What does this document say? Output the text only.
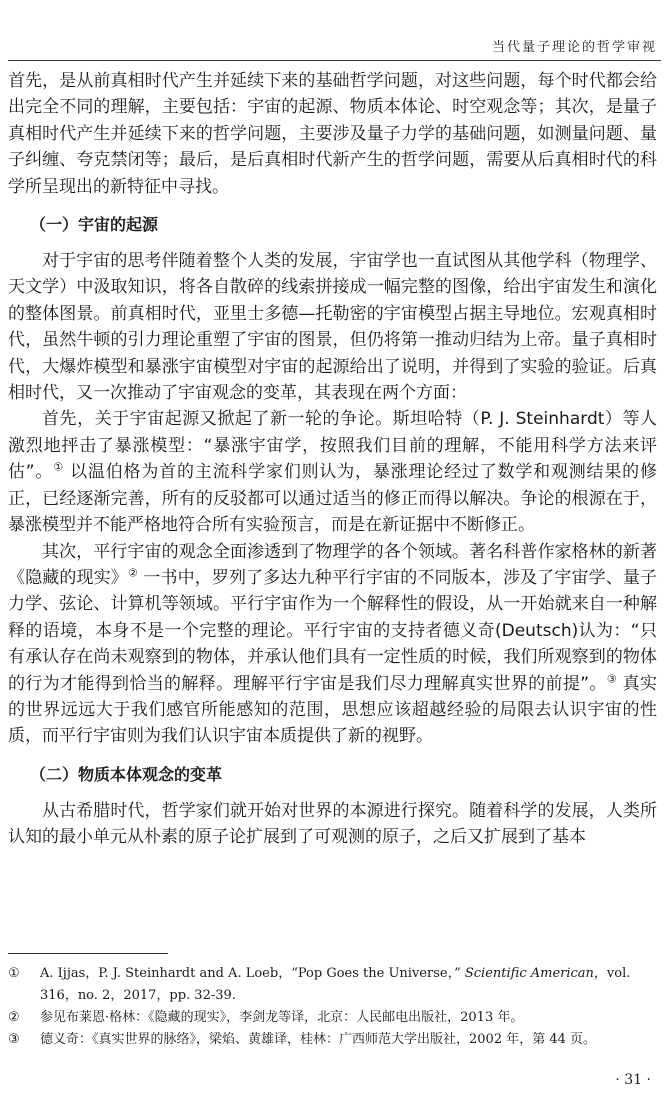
当代量子理论的哲学审视

首先，是从前真相时代产生并延续下来的基础哲学问题，对这些问题，每个时代都会给出完全不同的理解，主要包括：宇宙的起源、物质本体论、时空观念等；其次，是量子真相时代产生并延续下来的哲学问题，主要涉及量子力学的基础问题，如测量问题、量子纠缠、夸克禁闭等；最后，是后真相时代新产生的哲学问题，需要从后真相时代的科学所呈现出的新特征中寻找。

（一）宇宙的起源

对于宇宙的思考伴随着整个人类的发展，宇宙学也一直试图从其他学科（物理学、天文学）中汲取知识，将各自散碎的线索拼接成一幅完整的图像，给出宇宙发生和演化的整体图景。前真相时代，亚里士多德—托勒密的宇宙模型占据主导地位。宏观真相时代，虽然牛顿的引力理论重塑了宇宙的图景，但仍将第一推动归结为上帝。量子真相时代，大爆炸模型和暴涨宇宙模型对宇宙的起源给出了说明，并得到了实验的验证。后真相时代，又一次推动了宇宙观念的变革，其表现在两个方面：

首先，关于宇宙起源又掀起了新一轮的争论。斯坦哈特（P. J. Steinhardt）等人激烈地抨击了暴涨模型：“暴涨宇宙学，按照我们目前的理解，不能用科学方法来评估”。① 以温伯格为首的主流科学家们则认为，暴涨理论经过了数学和观测结果的修正，已经逐渐完善，所有的反驳都可以通过适当的修正而得以解决。争论的根源在于，暴涨模型并不能严格地符合所有实验预言，而是在新证据中不断修正。

其次，平行宇宙的观念全面渗透到了物理学的各个领域。著名科普作家格林的新著《隐藏的现实》② 一书中，罗列了多达九种平行宇宙的不同版本，涉及了宇宙学、量子力学、弦论、计算机等领域。平行宇宙作为一个解释性的假设，从一开始就来自一种解释的语境，本身不是一个完整的理论。平行宇宙的支持者德义奇(Deutsch)认为：“只有承认存在尚未观察到的物体，并承认他们具有一定性质的时候，我们所观察到的物体的行为才能得到恰当的解释。理解平行宇宙是我们尽力理解真实世界的前提”。③ 真实的世界远远大于我们感官所能感知的范围，思想应该超越经验的局限去认识宇宙的性质，而平行宇宙则为我们认识宇宙本质提供了新的视野。

（二）物质本体观念的变革

从古希腊时代，哲学家们就开始对世界的本源进行探究。随着科学的发展，人类所认知的最小单元从朴素的原子论扩展到了可观测的原子，之后又扩展到了基本

①	A. Ijjas，P. J. Steinhardt and A. Loeb，“Pop Goes the Universe，” Scientific American，vol. 316，no. 2，2017，pp. 32-39.
②	参见布莱恩·格林：《隐藏的现实》，李剑龙等译，北京：人民邮电出版社，2013 年。
③	德义奇：《真实世界的脉络》，梁焰、黄雄译，桂林：广西师范大学出版社，2002 年，第 44 页。
· 31 ·
